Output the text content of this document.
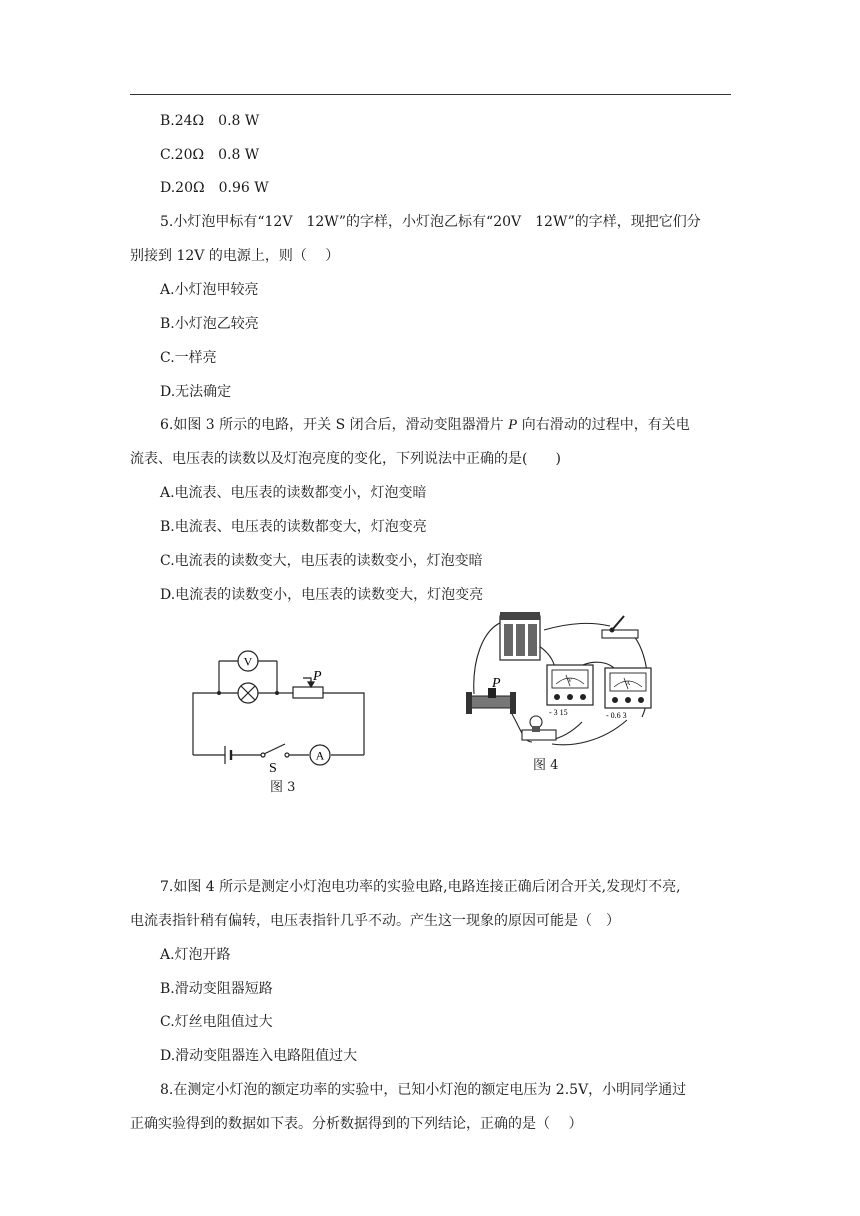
B.24Ω　0.8 W
C.20Ω　0.8 W
D.20Ω　0.96 W
5.小灯泡甲标有“12V　12W”的字样，小灯泡乙标有“20V　12W”的字样，现把它们分
别接到 12V 的电源上，则（　 ）
A.小灯泡甲较亮
B.小灯泡乙较亮
C.一样亮
D.无法确定
6.如图 3 所示的电路，开关 S 闭合后，滑动变阻器滑片 P 向右滑动的过程中，有关电
流表、电压表的读数以及灯泡亮度的变化，下列说法中正确的是(　　)
A.电流表、电压表的读数都变小，灯泡变暗
B.电流表、电压表的读数都变大，灯泡变亮
C.电流表的读数变大，电压表的读数变小，灯泡变暗
D.电流表的读数变小，电压表的读数变大，灯泡变亮
V
A
P
S
图 3
V	A
P
- 3 15	- 0.6 3
图 4
7.如图 4 所示是测定小灯泡电功率的实验电路,电路连接正确后闭合开关,发现灯不亮,
电流表指针稍有偏转，电压表指针几乎不动。产生这一现象的原因可能是（　）
A.灯泡开路
B.滑动变阻器短路
C.灯丝电阻值过大
D.滑动变阻器连入电路阻值过大
8.在测定小灯泡的额定功率的实验中，已知小灯泡的额定电压为 2.5V，小明同学通过
正确实验得到的数据如下表。分析数据得到的下列结论，正确的是（　 ）
